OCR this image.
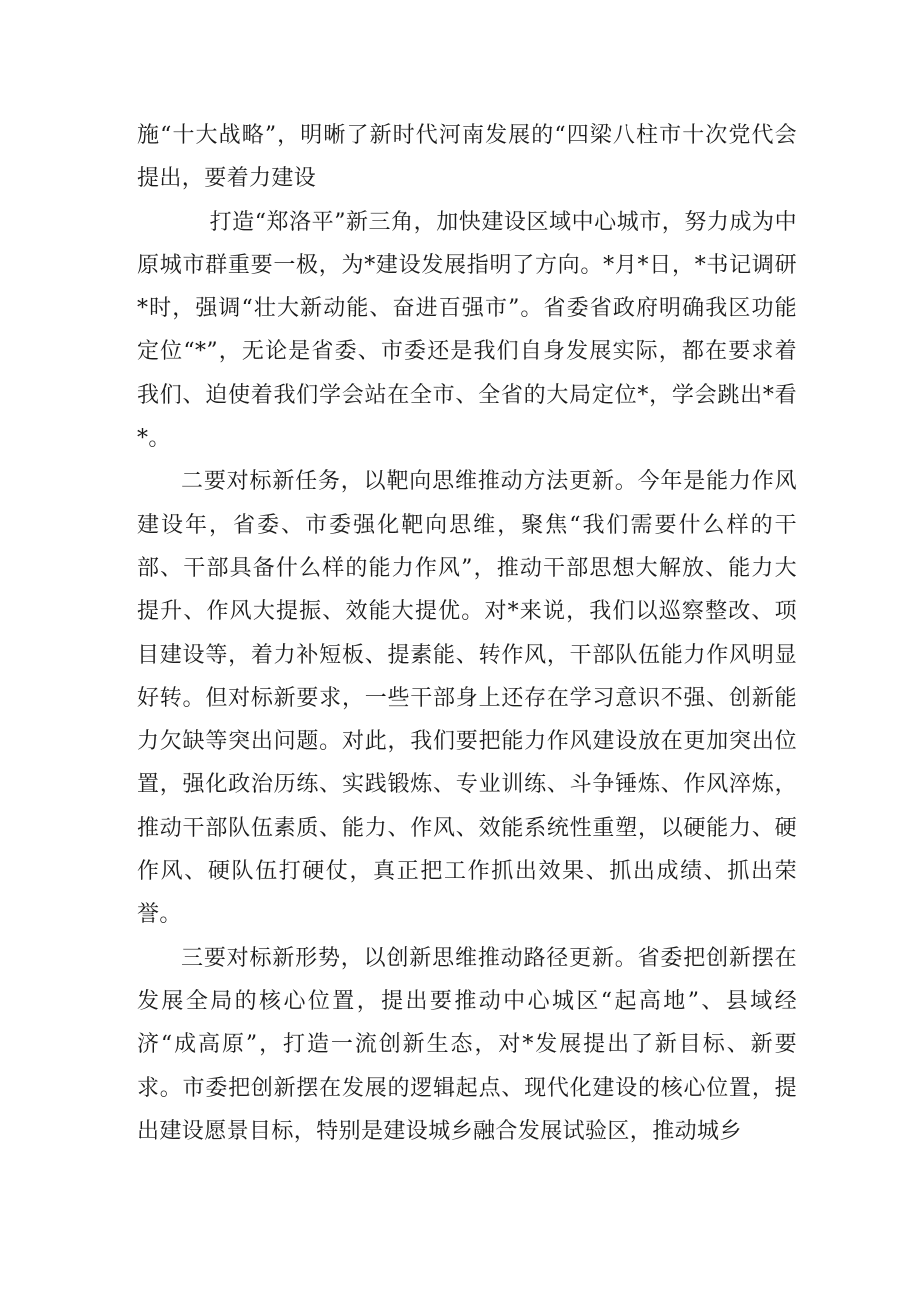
施“十大战略”，明晰了新时代河南发展的“四梁八柱市十次党代会提出，要着力建设

打造“郑洛平”新三角，加快建设区域中心城市，努力成为中原城市群重要一极，为*建设发展指明了方向。*月*日，*书记调研*时，强调“壮大新动能、奋进百强市”。省委省政府明确我区功能定位“*”，无论是省委、市委还是我们自身发展实际，都在要求着我们、迫使着我们学会站在全市、全省的大局定位*，学会跳出*看*。

二要对标新任务，以靶向思维推动方法更新。今年是能力作风建设年，省委、市委强化靶向思维，聚焦“我们需要什么样的干部、干部具备什么样的能力作风”，推动干部思想大解放、能力大提升、作风大提振、效能大提优。对*来说，我们以巡察整改、项目建设等，着力补短板、提素能、转作风，干部队伍能力作风明显好转。但对标新要求，一些干部身上还存在学习意识不强、创新能力欠缺等突出问题。对此，我们要把能力作风建设放在更加突出位置，强化政治历练、实践锻炼、专业训练、斗争锤炼、作风淬炼，推动干部队伍素质、能力、作风、效能系统性重塑，以硬能力、硬作风、硬队伍打硬仗，真正把工作抓出效果、抓出成绩、抓出荣誉。

三要对标新形势，以创新思维推动路径更新。省委把创新摆在发展全局的核心位置，提出要推动中心城区“起高地”、县域经济“成高原”，打造一流创新生态，对*发展提出了新目标、新要求。市委把创新摆在发展的逻辑起点、现代化建设的核心位置，提出建设愿景目标，特别是建设城乡融合发展试验区，推动城乡
